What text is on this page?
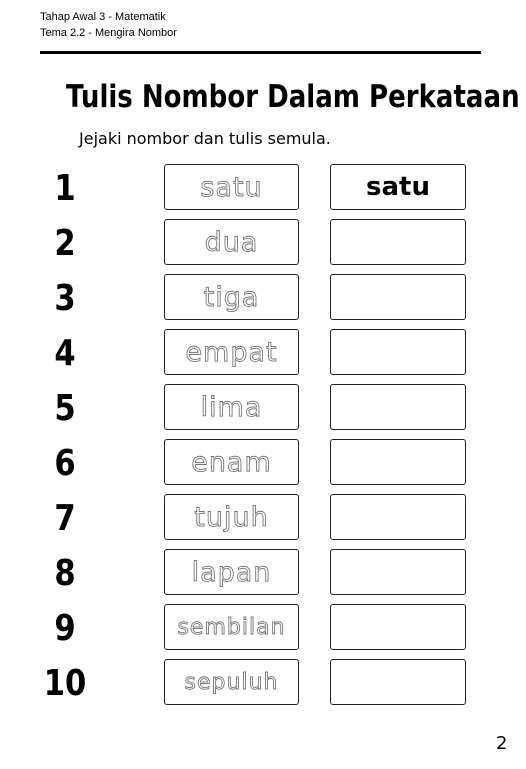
Tahap Awal 3 - Matematik
Tema 2.2 - Mengira Nombor
Tulis Nombor Dalam Perkataan
Jejaki nombor dan tulis semula.
1	satu	satu
2	dua
3	tiga
4	empat
5	lima
6	enam
7	tujuh
8	lapan
9	sembilan
10	sepuluh
2
